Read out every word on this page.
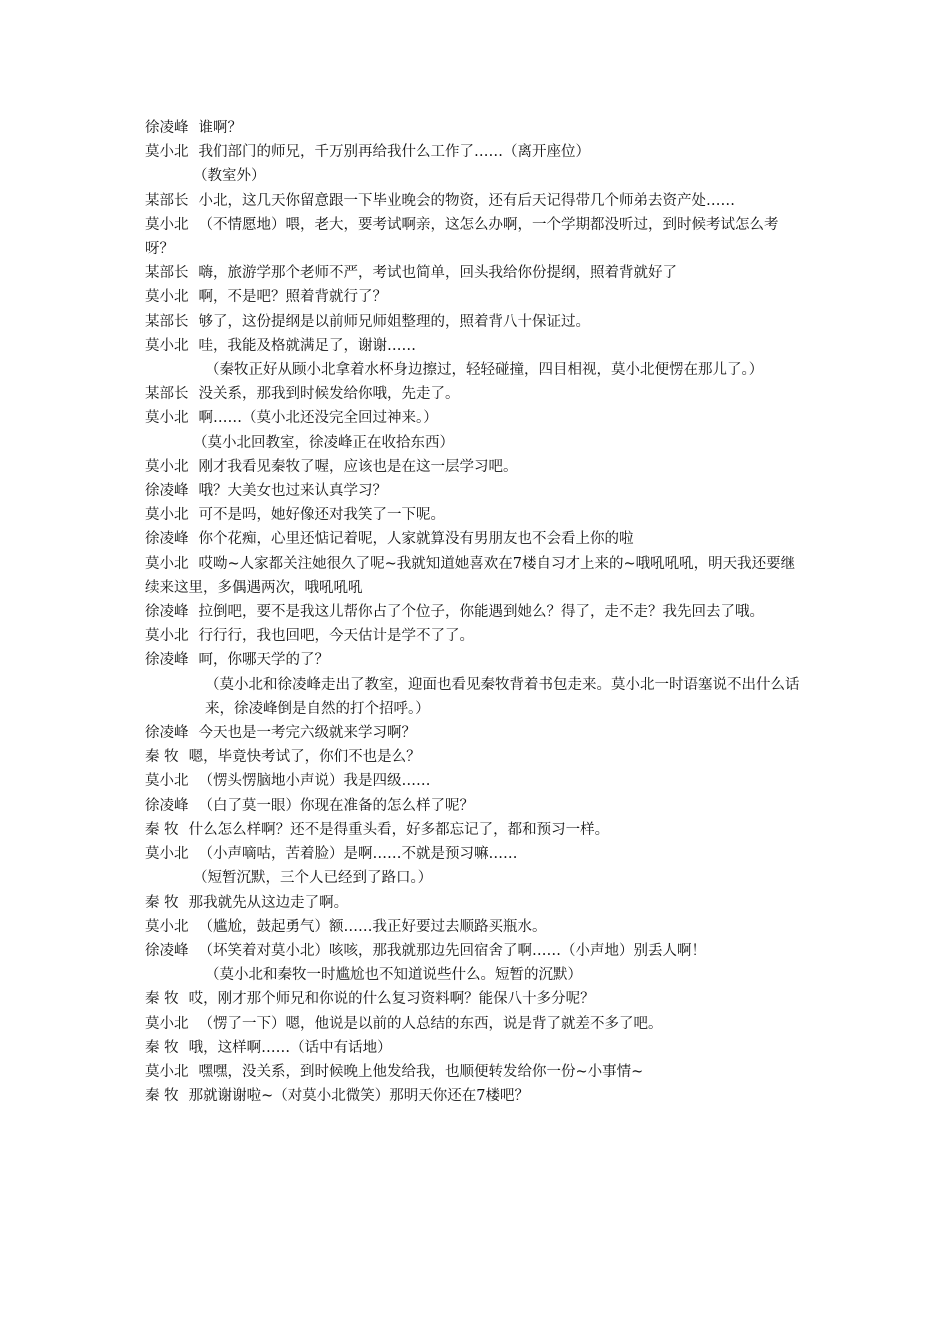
徐凌峰 谁啊？

莫小北 我们部门的师兄，千万别再给我什么工作了……（离开座位）

（教室外）

某部长 小北，这几天你留意跟一下毕业晚会的物资，还有后天记得带几个师弟去资产处……

莫小北 （不情愿地）喂，老大，要考试啊亲，这怎么办啊，一个学期都没听过，到时候考试怎么考呀？

某部长 嗨，旅游学那个老师不严，考试也简单，回头我给你份提纲，照着背就好了

莫小北 啊，不是吧？照着背就行了？

某部长 够了，这份提纲是以前师兄师姐整理的，照着背八十保证过。

莫小北 哇，我能及格就满足了，谢谢……

（秦牧正好从顾小北拿着水杯身边擦过，轻轻碰撞，四目相视，莫小北便愣在那儿了。）

某部长 没关系，那我到时候发给你哦，先走了。

莫小北 啊……（莫小北还没完全回过神来。）

（莫小北回教室，徐凌峰正在收拾东西）

莫小北 刚才我看见秦牧了喔，应该也是在这一层学习吧。

徐凌峰 哦？大美女也过来认真学习？

莫小北 可不是吗，她好像还对我笑了一下呢。

徐凌峰 你个花痴，心里还惦记着呢，人家就算没有男朋友也不会看上你的啦

莫小北 哎呦~人家都关注她很久了呢~我就知道她喜欢在7楼自习才上来的~哦吼吼吼，明天我还要继续来这里，多偶遇两次，哦吼吼吼

徐凌峰 拉倒吧，要不是我这儿帮你占了个位子，你能遇到她么？得了，走不走？我先回去了哦。

莫小北 行行行，我也回吧，今天估计是学不了了。

徐凌峰 呵，你哪天学的了？

（莫小北和徐凌峰走出了教室，迎面也看见秦牧背着书包走来。莫小北一时语塞说不出什么话来，徐凌峰倒是自然的打个招呼。）

徐凌峰 今天也是一考完六级就来学习啊？

秦 牧 嗯，毕竟快考试了，你们不也是么？

莫小北 （愣头愣脑地小声说）我是四级……

徐凌峰 （白了莫一眼）你现在准备的怎么样了呢？

秦 牧 什么怎么样啊？还不是得重头看，好多都忘记了，都和预习一样。

莫小北 （小声嘀咕，苦着脸）是啊……不就是预习嘛……

（短暂沉默，三个人已经到了路口。）

秦 牧 那我就先从这边走了啊。

莫小北 （尴尬，鼓起勇气）额……我正好要过去顺路买瓶水。

徐凌峰 （坏笑着对莫小北）咳咳，那我就那边先回宿舍了啊……（小声地）别丢人啊！

（莫小北和秦牧一时尴尬也不知道说些什么。短暂的沉默）

秦 牧 哎，刚才那个师兄和你说的什么复习资料啊？能保八十多分呢？

莫小北 （愣了一下）嗯，他说是以前的人总结的东西，说是背了就差不多了吧。

秦 牧 哦，这样啊……（话中有话地）

莫小北 嘿嘿，没关系，到时候晚上他发给我，也顺便转发给你一份~小事情~

秦 牧 那就谢谢啦~（对莫小北微笑）那明天你还在7楼吧？
